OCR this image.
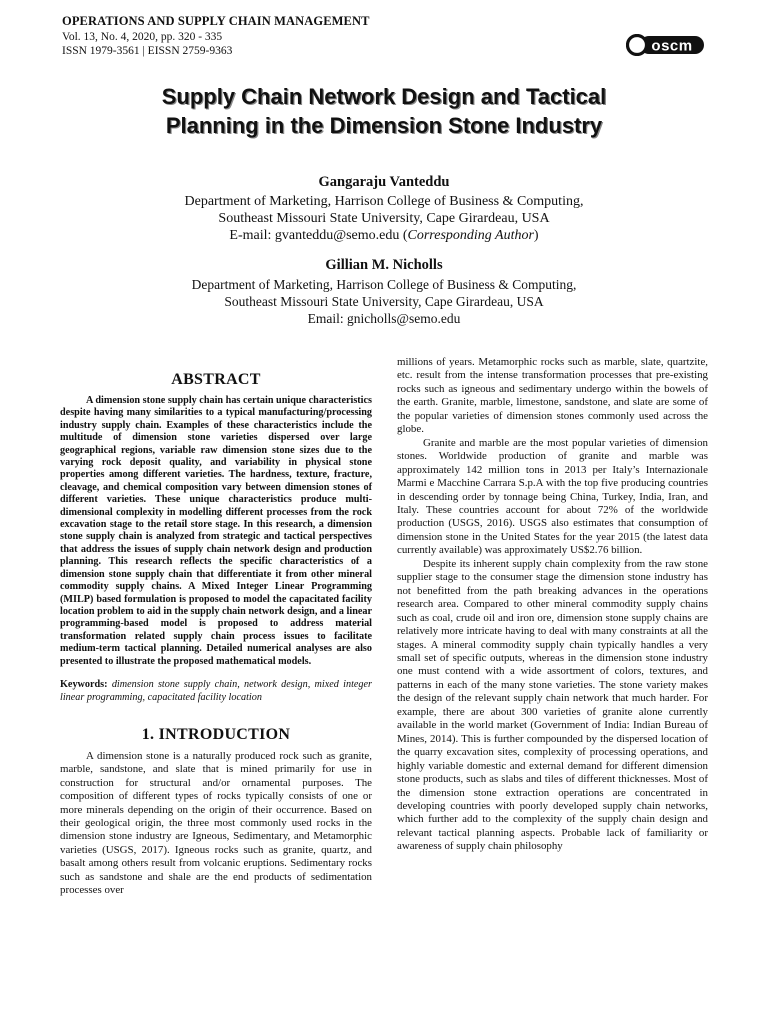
OPERATIONS AND SUPPLY CHAIN MANAGEMENT
Vol. 13, No. 4, 2020, pp. 320 - 335
ISSN 1979-3561 | EISSN 2759-9363	oscm
Supply Chain Network Design and Tactical
Planning in the Dimension Stone Industry
Gangaraju Vanteddu
Department of Marketing, Harrison College of Business & Computing,
Southeast Missouri State University, Cape Girardeau, USA
E-mail: gvanteddu@semo.edu (Corresponding Author)
Gillian M. Nicholls
Department of Marketing, Harrison College of Business & Computing,
Southeast Missouri State University, Cape Girardeau, USA
Email: gnicholls@semo.edu
ABSTRACT

A dimension stone supply chain has certain unique characteristics despite having many similarities to a typical manufacturing/processing industry supply chain. Examples of these characteristics include the multitude of dimension stone varieties dispersed over large geographical regions, variable raw dimension stone sizes due to the varying rock deposit quality, and variability in physical stone properties among different varieties. The hardness, texture, fracture, cleavage, and chemical composition vary between dimension stones of different varieties. These unique characteristics produce multi-dimensional complexity in modelling different processes from the rock excavation stage to the retail store stage. In this research, a dimension stone supply chain is analyzed from strategic and tactical perspectives that address the issues of supply chain network design and production planning. This research reflects the specific characteristics of a dimension stone supply chain that differentiate it from other mineral commodity supply chains. A Mixed Integer Linear Programming (MILP) based formulation is proposed to model the capacitated facility location problem to aid in the supply chain network design, and a linear programming-based model is proposed to address material transformation related supply chain process issues to facilitate medium-term tactical planning. Detailed numerical analyses are also presented to illustrate the proposed mathematical models.

Keywords: dimension stone supply chain, network design, mixed integer linear programming, capacitated facility location
1. INTRODUCTION

A dimension stone is a naturally produced rock such as granite, marble, sandstone, and slate that is mined primarily for use in construction for structural and/or ornamental purposes. The composition of different types of rocks typically consists of one or more minerals depending on the origin of their occurrence. Based on their geological origin, the three most commonly used rocks in the dimension stone industry are Igneous, Sedimentary, and Metamorphic varieties (USGS, 2017). Igneous rocks such as granite, quartz, and basalt among others result from volcanic eruptions. Sedimentary rocks such as sandstone and shale are the end products of sedimentation processes over

millions of years. Metamorphic rocks such as marble, slate, quartzite, etc. result from the intense transformation processes that pre-existing rocks such as igneous and sedimentary undergo within the bowels of the earth. Granite, marble, limestone, sandstone, and slate are some of the popular varieties of dimension stones commonly used across the globe.

Granite and marble are the most popular varieties of dimension stones. Worldwide production of granite and marble was approximately 142 million tons in 2013 per Italy’s Internazionale Marmi e Macchine Carrara S.p.A with the top five producing countries in descending order by tonnage being China, Turkey, India, Iran, and Italy. These countries account for about 72% of the worldwide production (USGS, 2016). USGS also estimates that consumption of dimension stone in the United States for the year 2015 (the latest data currently available) was approximately US$2.76 billion.

Despite its inherent supply chain complexity from the raw stone supplier stage to the consumer stage the dimension stone industry has not benefitted from the path breaking advances in the operations research area. Compared to other mineral commodity supply chains such as coal, crude oil and iron ore, dimension stone supply chains are relatively more intricate having to deal with many constraints at all the stages. A mineral commodity supply chain typically handles a very small set of specific outputs, whereas in the dimension stone industry one must contend with a wide assortment of colors, textures, and patterns in each of the many stone varieties. The stone variety makes the design of the relevant supply chain network that much harder. For example, there are about 300 varieties of granite alone currently available in the world market (Government of India: Indian Bureau of Mines, 2014). This is further compounded by the dispersed location of the quarry excavation sites, complexity of processing operations, and highly variable domestic and external demand for different dimension stone products, such as slabs and tiles of different thicknesses. Most of the dimension stone extraction operations are concentrated in developing countries with poorly developed supply chain networks, which further add to the complexity of the supply chain design and relevant tactical planning aspects. Probable lack of familiarity or awareness of supply chain philosophy
